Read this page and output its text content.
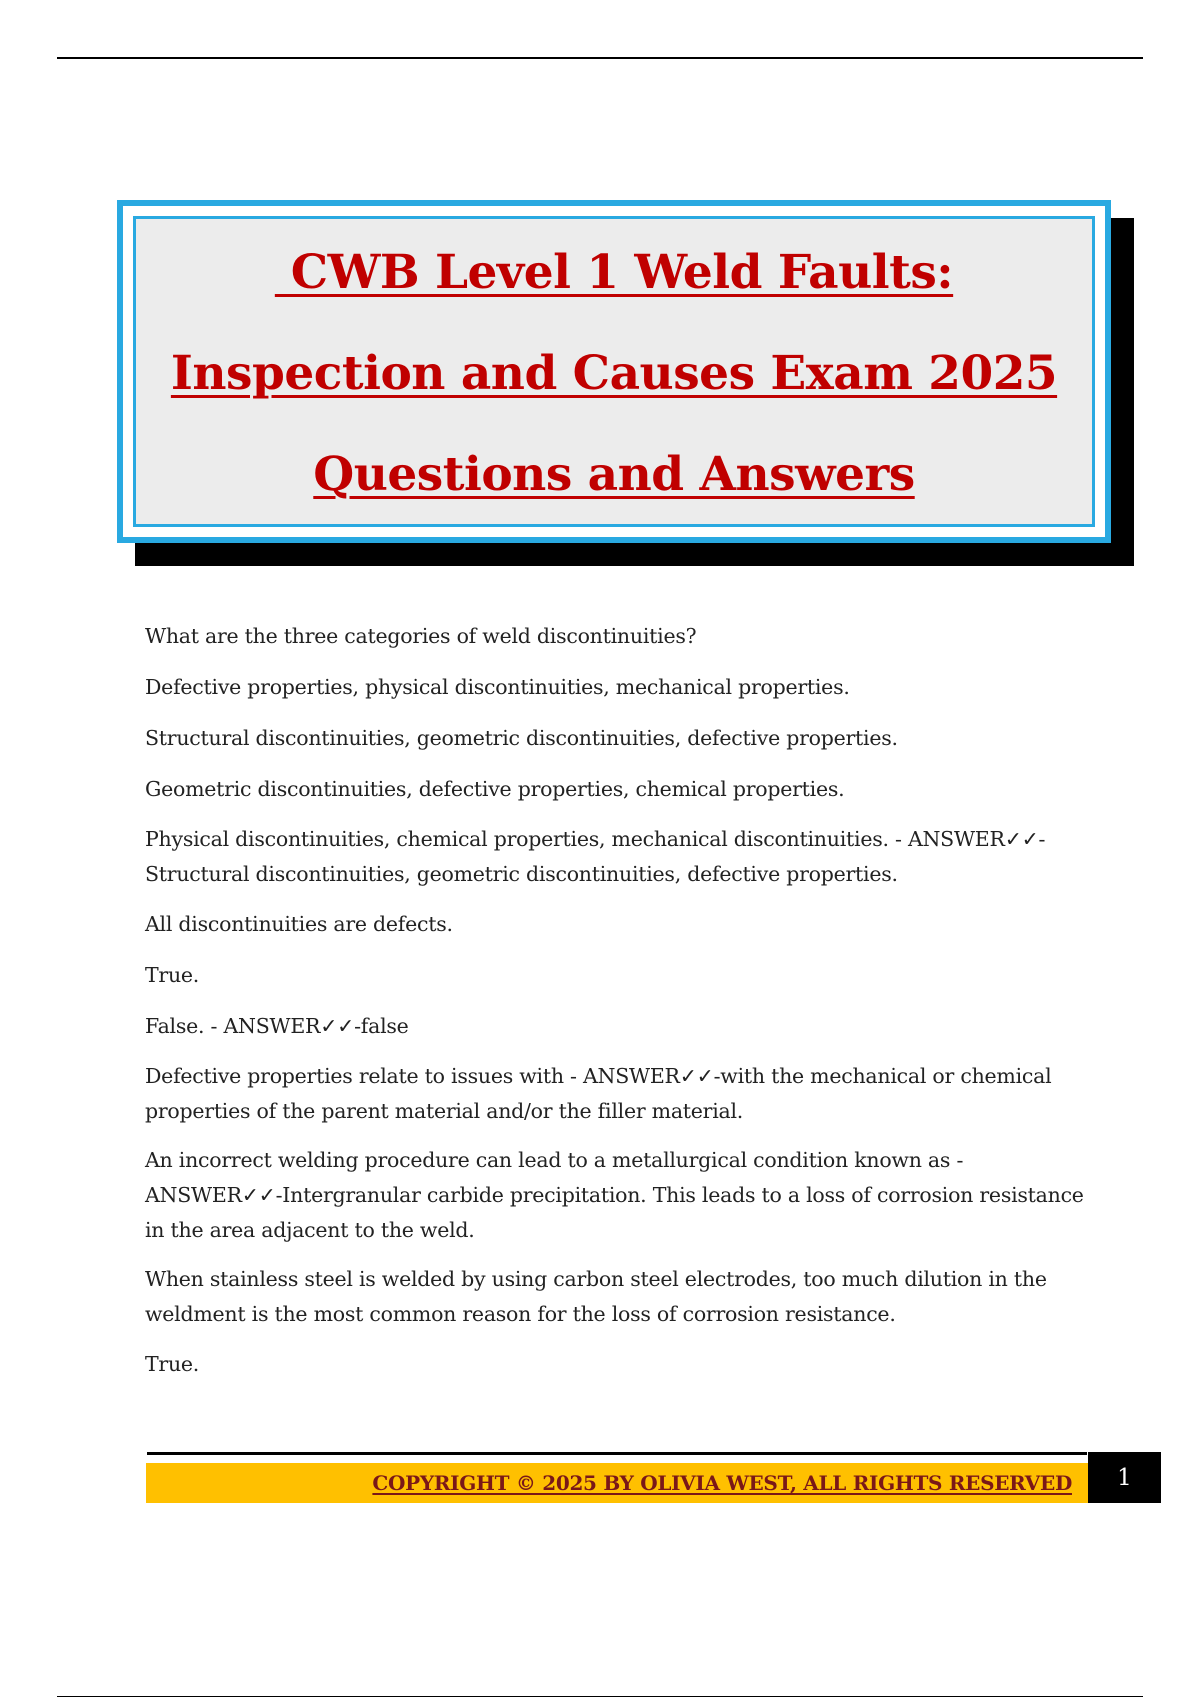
CWB Level 1 Weld Faults:
Inspection and Causes Exam 2025
Questions and Answers

What are the three categories of weld discontinuities?

Defective properties, physical discontinuities, mechanical properties.

Structural discontinuities, geometric discontinuities, defective properties.

Geometric discontinuities, defective properties, chemical properties.

Physical discontinuities, chemical properties, mechanical discontinuities. - ANSWER✓✓-Structural discontinuities, geometric discontinuities, defective properties.

All discontinuities are defects.

True.

False. - ANSWER✓✓-false

Defective properties relate to issues with - ANSWER✓✓-with the mechanical or chemical properties of the parent material and/or the filler material.

An incorrect welding procedure can lead to a metallurgical condition known as - ANSWER✓✓-Intergranular carbide precipitation. This leads to a loss of corrosion resistance in the area adjacent to the weld.

When stainless steel is welded by using carbon steel electrodes, too much dilution in the weldment is the most common reason for the loss of corrosion resistance.

True.

COPYRIGHT © 2025 BY OLIVIA WEST, ALL RIGHTS RESERVED	1
